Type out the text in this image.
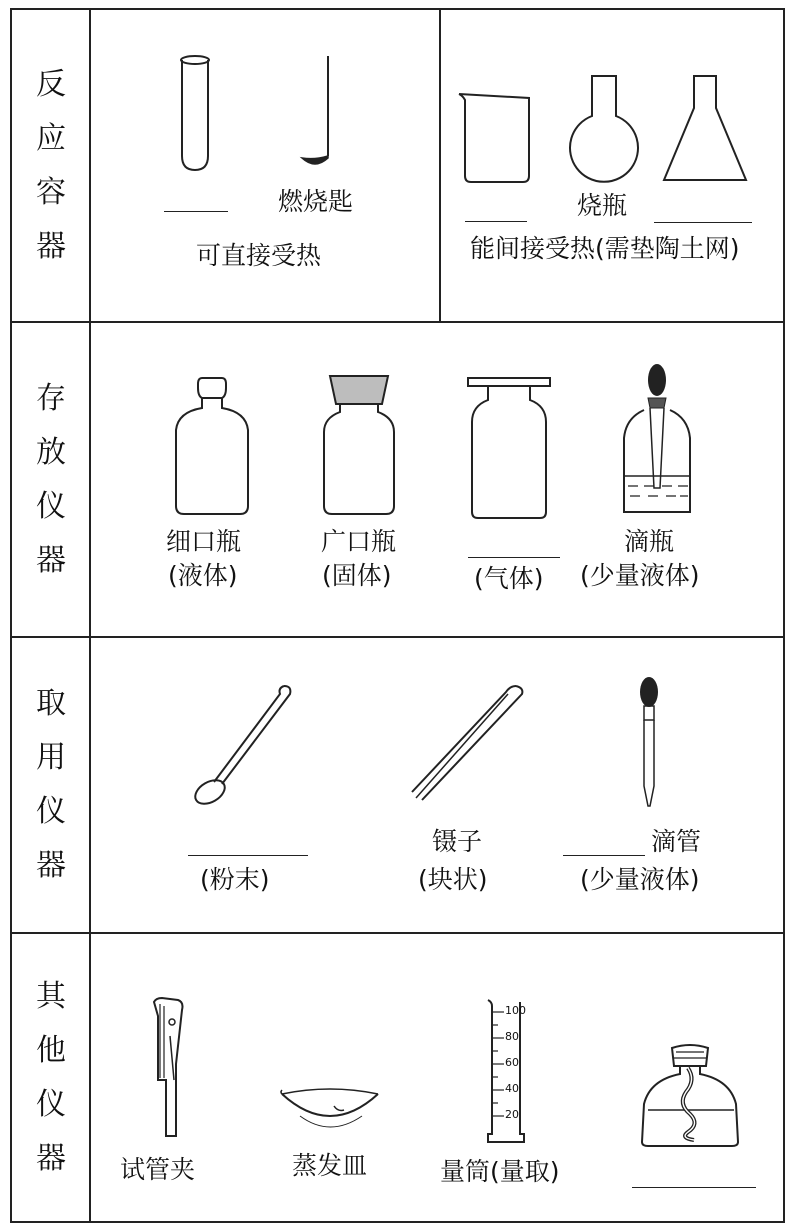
反
应
容
器
存
放
仪
器
取
用
仪
器
其
他
仪
器
燃烧匙
可直接受热
烧瓶
能间接受热(需垫陶土网)
细口瓶
(液体)
广口瓶
(固体)	(气体)
滴瓶
(少量液体)
(粉末)
镊子
(块状)
滴管
(少量液体)
试管夹	蒸发皿
100
80
60
40
20
量筒(量取)
